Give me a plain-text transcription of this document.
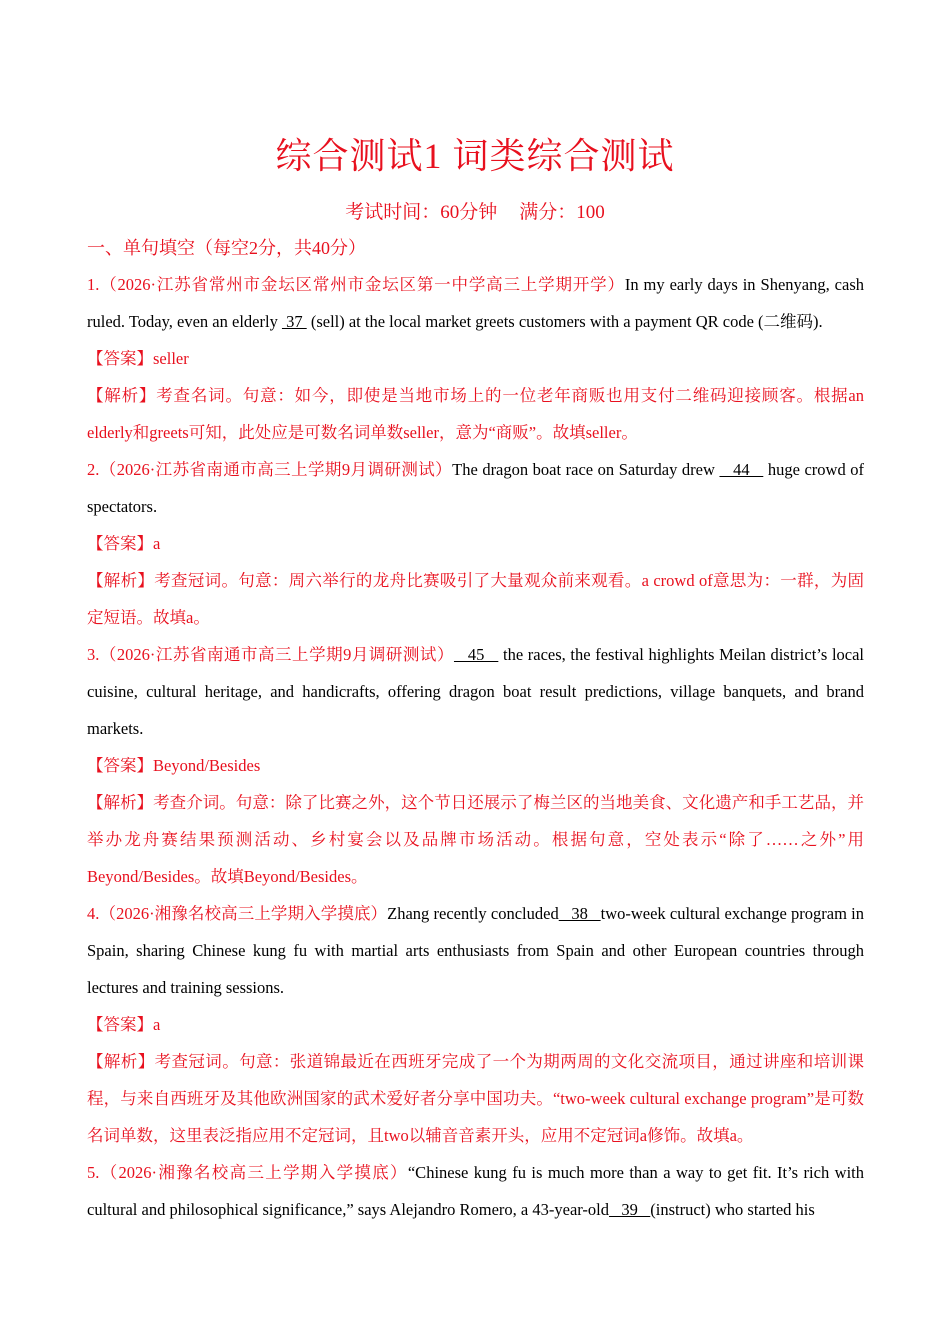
综合测试1 词类综合测试
考试时间：60分钟 满分：100
一、单句填空（每空2分，共40分）

1.（2026·江苏省常州市金坛区常州市金坛区第一中学高三上学期开学）In my early days in Shenyang, cash ruled. Today, even an elderly  37  (sell) at the local market greets customers with a payment QR code (二维码).

【答案】seller

【解析】考查名词。句意：如今，即使是当地市场上的一位老年商贩也用支付二维码迎接顾客。根据an elderly和greets可知，此处应是可数名词单数seller，意为“商贩”。故填seller。

2.（2026·江苏省南通市高三上学期9月调研测试）The dragon boat race on Saturday drew    44    huge crowd of spectators.

【答案】a

【解析】考查冠词。句意：周六举行的龙舟比赛吸引了大量观众前来观看。a crowd of意思为：一群，为固定短语。故填a。

3.（2026·江苏省南通市高三上学期9月调研测试）   45    the races, the festival highlights Meilan district’s local cuisine, cultural heritage, and handicrafts, offering dragon boat result predictions, village banquets, and brand markets.

【答案】Beyond/Besides

【解析】考查介词。句意：除了比赛之外，这个节日还展示了梅兰区的当地美食、文化遗产和手工艺品，并举办龙舟赛结果预测活动、乡村宴会以及品牌市场活动。根据句意，空处表示“除了……之外”用Beyond/Besides。故填Beyond/Besides。

4.（2026·湘豫名校高三上学期入学摸底）Zhang recently concluded   38   two-week cultural exchange program in Spain, sharing Chinese kung fu with martial arts enthusiasts from Spain and other European countries through lectures and training sessions.

【答案】a

【解析】考查冠词。句意：张道锦最近在西班牙完成了一个为期两周的文化交流项目，通过讲座和培训课程，与来自西班牙及其他欧洲国家的武术爱好者分享中国功夫。“two-week cultural exchange program”是可数名词单数，这里表泛指应用不定冠词，且two以辅音音素开头，应用不定冠词a修饰。故填a。

5.（2026·湘豫名校高三上学期入学摸底）“Chinese kung fu is much more than a way to get fit. It’s rich with cultural and philosophical significance,” says Alejandro Romero, a 43-year-old   39   (instruct) who started his
